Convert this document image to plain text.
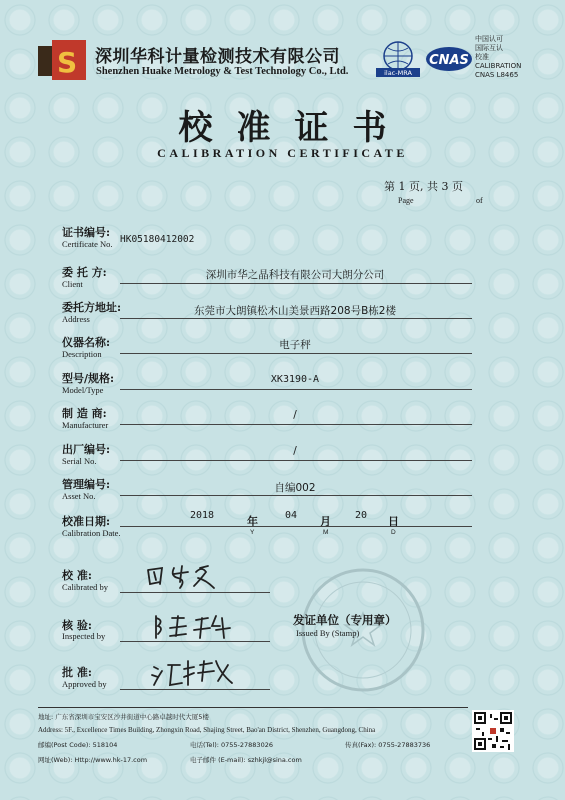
S 深圳华科计量检测技术有限公司
Shenzhen Huake Metrology & Test Technology Co., Ltd.	ilac-MRA
CNAS
中国认可
国际互认
校准
CALIBRATION
CNAS L8465
校准证书
CALIBRATION CERTIFICATE
第 1 页, 共 3 页
Page	of
证书编号:
Certificate No. HK05180412002
委 托 方:
Client
深圳市华之晶科技有限公司大朗分公司
委托方地址:
Address
东莞市大朗镇松木山美景西路208号B栋2楼
仪器名称:
Description
电子秤
型号/规格:
Model/Type
XK3190-A
制 造 商:
Manufacturer
/
出厂编号:
Serial No.
/
管理编号:
Asset No.
自编002
校准日期:
Calibration Date.
2018	年	04 月 20 日
Y	M	D
校 准:
Calibrated by
核 验:
Inspected by
批 准:
Approved by
发证单位（专用章）
Issued By (Stamp)
地址: 广东省深圳市宝安区沙井街道中心路卓越时代大厦5楼
Address: 5F., Excellence Times Building, Zhongxin Road, Shajing Street, Bao'an District, Shenzhen, Guangdong, China
邮编(Post Code): 518104	电话(Tel): 0755-27883026	传真(Fax): 0755-27883736
网址(Web): Http://www.hk-17.com	电子邮件 (E-mail): szhkjl@sina.com
